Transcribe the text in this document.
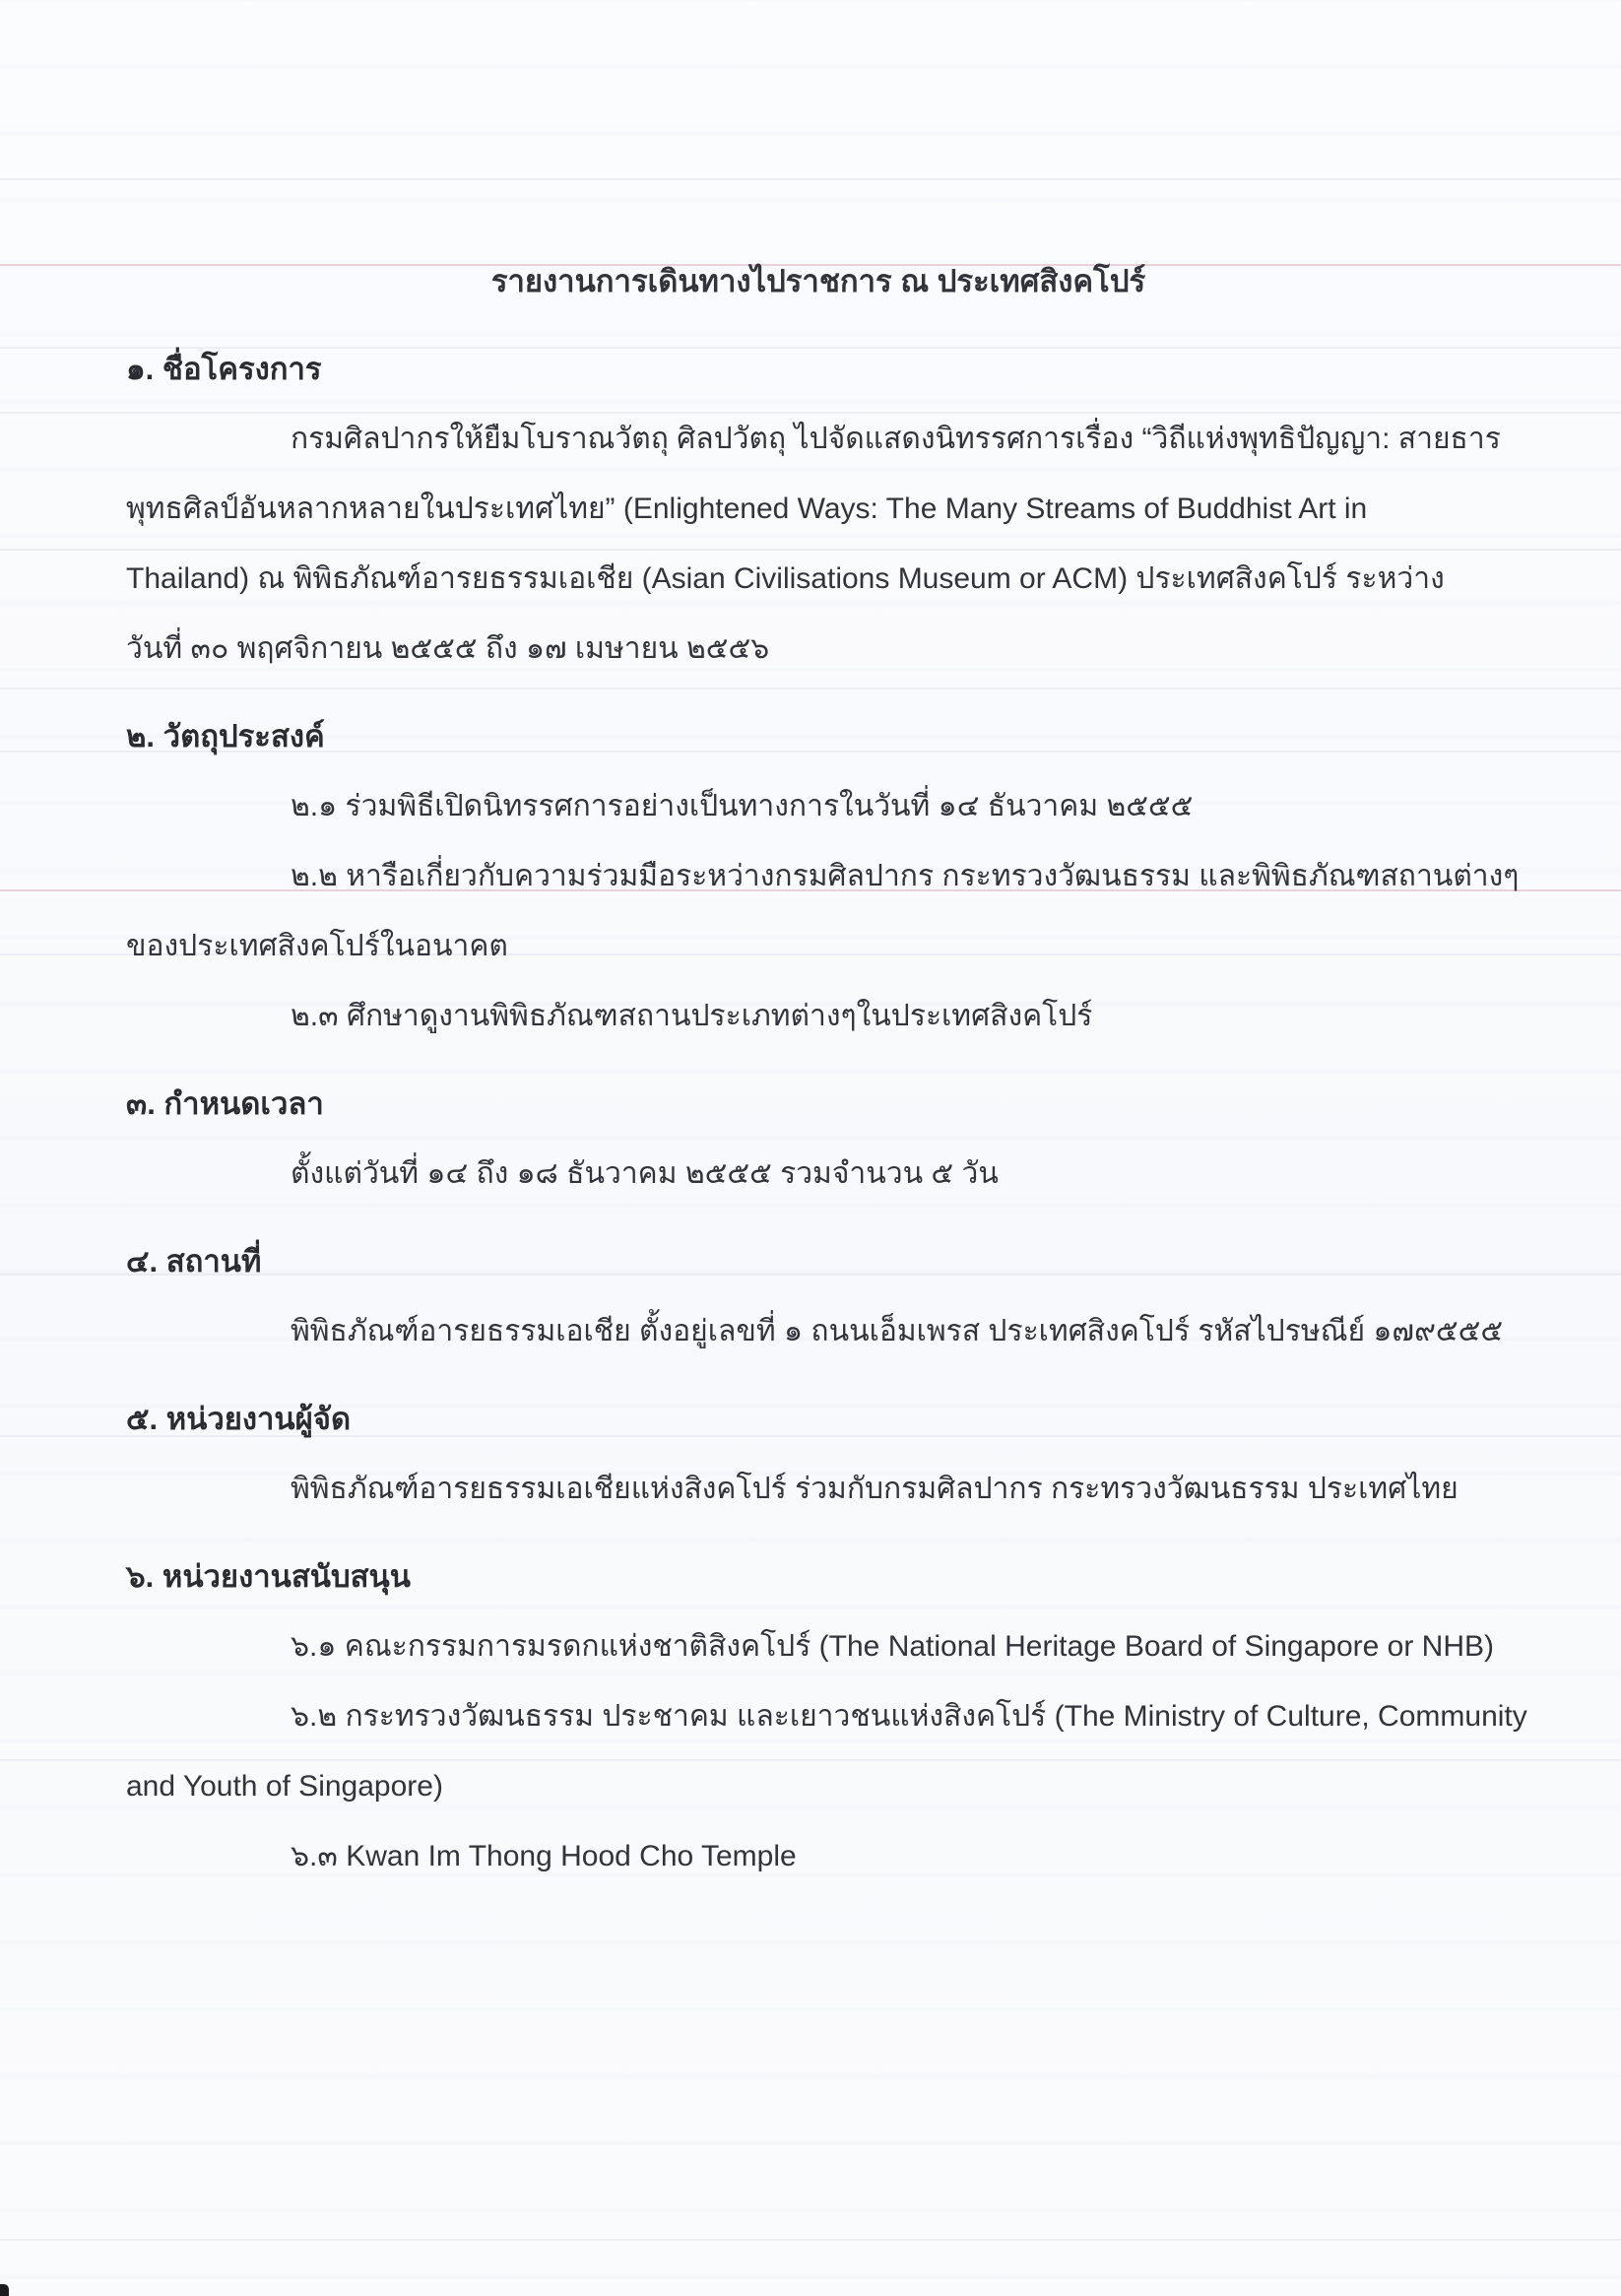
รายงานการเดินทางไปราชการ ณ ประเทศสิงคโปร์
๑. ชื่อโครงการ
กรมศิลปากรให้ยืมโบราณวัตถุ ศิลปวัตถุ ไปจัดแสดงนิทรรศการเรื่อง “วิถีแห่งพุทธิปัญญา: สายธาร
พุทธศิลป์อันหลากหลายในประเทศไทย” (Enlightened Ways: The Many Streams of Buddhist Art in
Thailand) ณ พิพิธภัณฑ์อารยธรรมเอเชีย (Asian Civilisations Museum or ACM) ประเทศสิงคโปร์ ระหว่าง
วันที่ ๓๐ พฤศจิกายน ๒๕๕๕ ถึง ๑๗ เมษายน ๒๕๕๖
๒. วัตถุประสงค์
๒.๑ ร่วมพิธีเปิดนิทรรศการอย่างเป็นทางการในวันที่ ๑๔ ธันวาคม ๒๕๕๕
๒.๒ หารือเกี่ยวกับความร่วมมือระหว่างกรมศิลปากร กระทรวงวัฒนธรรม และพิพิธภัณฑสถานต่างๆ
ของประเทศสิงคโปร์ในอนาคต
๒.๓ ศึกษาดูงานพิพิธภัณฑสถานประเภทต่างๆในประเทศสิงคโปร์
๓. กำหนดเวลา
ตั้งแต่วันที่ ๑๔ ถึง ๑๘ ธันวาคม ๒๕๕๕ รวมจำนวน ๕ วัน
๔. สถานที่
พิพิธภัณฑ์อารยธรรมเอเชีย ตั้งอยู่เลขที่ ๑ ถนนเอ็มเพรส ประเทศสิงคโปร์ รหัสไปรษณีย์ ๑๗๙๕๕๕
๕. หน่วยงานผู้จัด
พิพิธภัณฑ์อารยธรรมเอเชียแห่งสิงคโปร์ ร่วมกับกรมศิลปากร กระทรวงวัฒนธรรม ประเทศไทย
๖. หน่วยงานสนับสนุน
๖.๑ คณะกรรมการมรดกแห่งชาติสิงคโปร์ (The National Heritage Board of Singapore or NHB)
๖.๒ กระทรวงวัฒนธรรม ประชาคม และเยาวชนแห่งสิงคโปร์ (The Ministry of Culture, Community
and Youth of Singapore)
๖.๓ Kwan Im Thong Hood Cho Temple
